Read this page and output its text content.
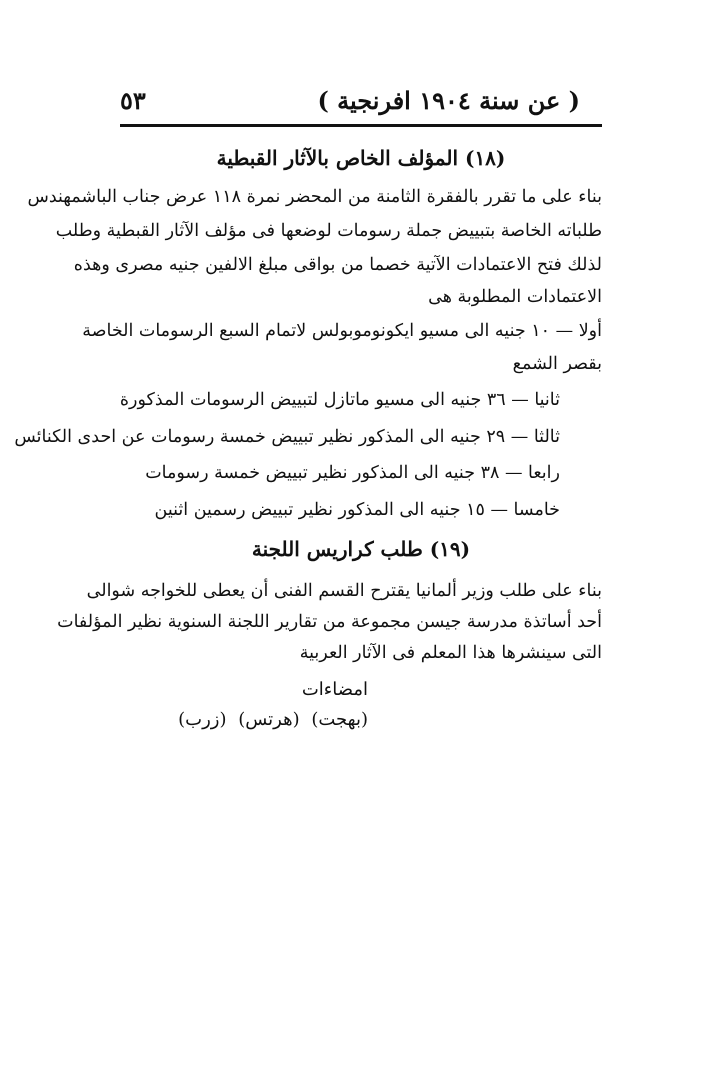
٥٣	( عن سنة ١٩٠٤ افرنجية )
(١٨) المؤلف الخاص بالآثار القبطية
بناء على ما تقرر بالفقرة الثامنة من المحضر نمرة ١١٨ عرض جناب الباشمهندس
طلباته الخاصة بتبييض جملة رسومات لوضعها فى مؤلف الآثار القبطية وطلب
لذلك فتح الاعتمادات الآتية خصما من بواقى مبلغ الالفين جنيه مصرى وهذه
الاعتمادات المطلوبة هى
أولا — ١٠ جنيه الى مسيو ايكونوموبولس لاتمام السبع الرسومات الخاصة
بقصر الشمع
ثانيا — ٣٦ جنيه الى مسيو ماتازل لتبييض الرسومات المذكورة
ثالثا — ٢٩ جنيه الى المذكور نظير تبييض خمسة رسومات عن احدى الكنائس
رابعا — ٣٨ جنيه الى المذكور نظير تبييض خمسة رسومات
خامسا — ١٥ جنيه الى المذكور نظير تبييض رسمين اثنين
(١٩) طلب كراريس اللجنة
بناء على طلب وزير ألمانيا يقترح القسم الفنى أن يعطى للخواجه شوالى
أحد أساتذة مدرسة جيسن مجموعة من تقارير اللجنة السنوية نظير المؤلفات
التى سينشرها هذا المعلم فى الآثار العربية
امضاءات
(بهجت) (هرتس) (زرب)
